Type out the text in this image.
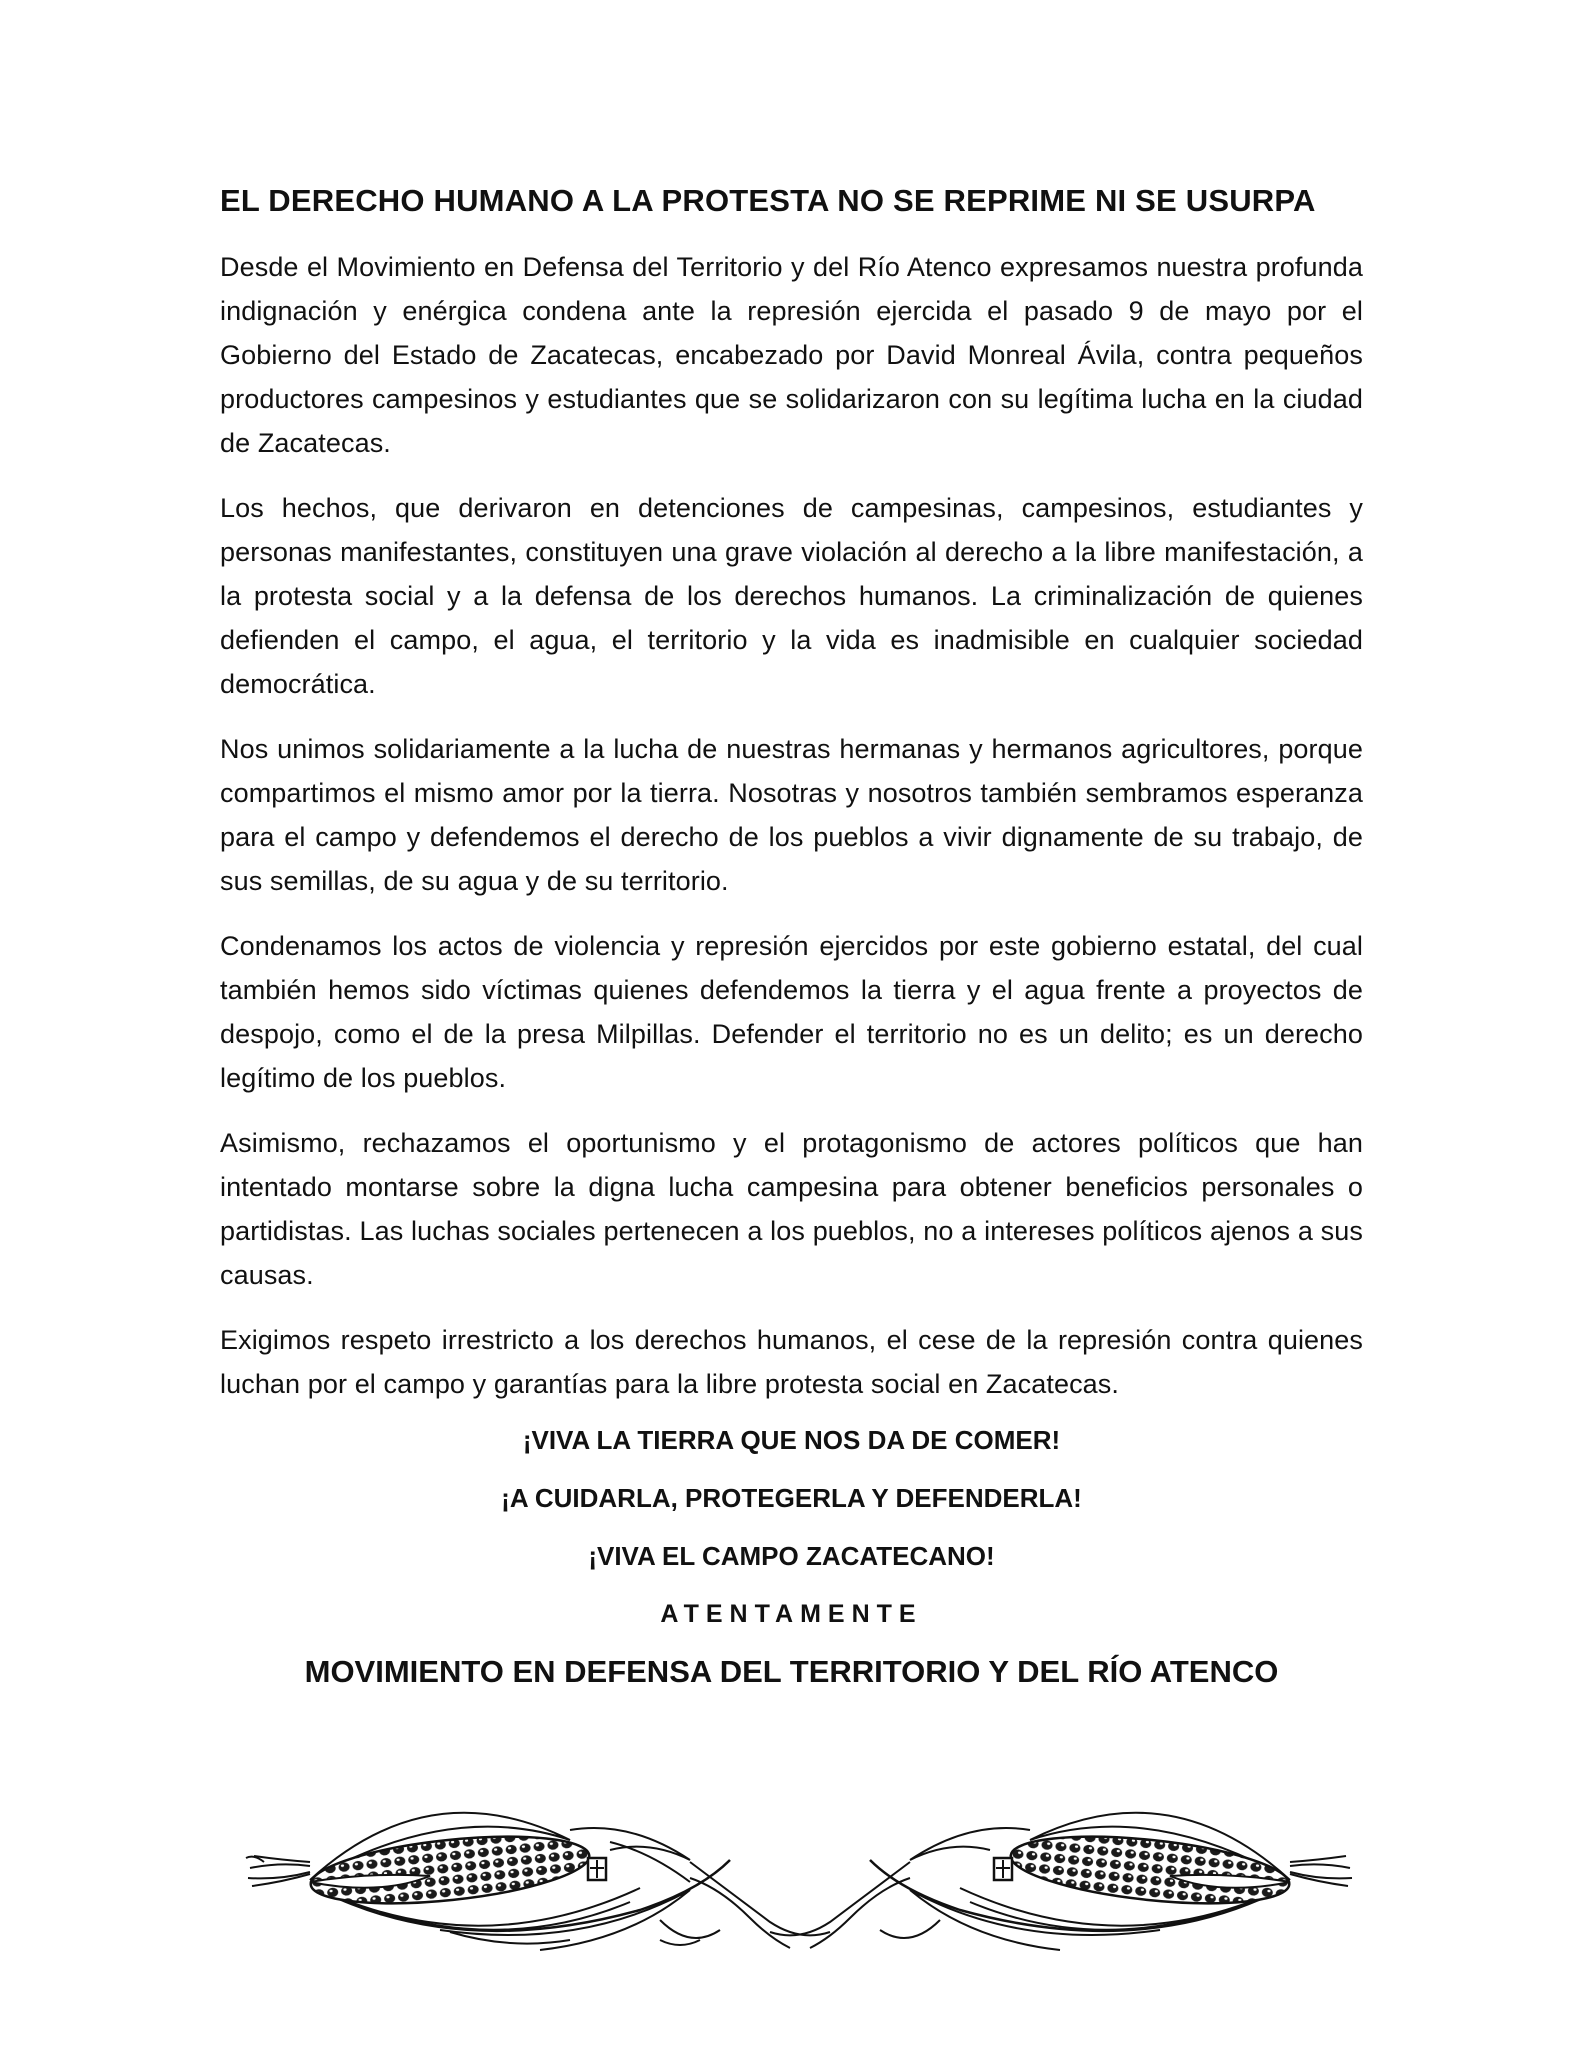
EL DERECHO HUMANO A LA PROTESTA NO SE REPRIME NI SE USURPA

Desde el Movimiento en Defensa del Territorio y del Río Atenco expresamos nuestra profunda indignación y enérgica condena ante la represión ejercida el pasado 9 de mayo por el Gobierno del Estado de Zacatecas, encabezado por David Monreal Ávila, contra pequeños productores campesinos y estudiantes que se solidarizaron con su legítima lucha en la ciudad de Zacatecas.

Los hechos, que derivaron en detenciones de campesinas, campesinos, estudiantes y personas manifestantes, constituyen una grave violación al derecho a la libre manifestación, a la protesta social y a la defensa de los derechos humanos. La criminalización de quienes defienden el campo, el agua, el territorio y la vida es inadmisible en cualquier sociedad democrática.

Nos unimos solidariamente a la lucha de nuestras hermanas y hermanos agricultores, porque compartimos el mismo amor por la tierra. Nosotras y nosotros también sembramos esperanza para el campo y defendemos el derecho de los pueblos a vivir dignamente de su trabajo, de sus semillas, de su agua y de su territorio.

Condenamos los actos de violencia y represión ejercidos por este gobierno estatal, del cual también hemos sido víctimas quienes defendemos la tierra y el agua frente a proyectos de despojo, como el de la presa Milpillas. Defender el territorio no es un delito; es un derecho legítimo de los pueblos.

Asimismo, rechazamos el oportunismo y el protagonismo de actores políticos que han intentado montarse sobre la digna lucha campesina para obtener beneficios personales o partidistas. Las luchas sociales pertenecen a los pueblos, no a intereses políticos ajenos a sus causas.

Exigimos respeto irrestricto a los derechos humanos, el cese de la represión contra quienes luchan por el campo y garantías para la libre protesta social en Zacatecas.

¡VIVA LA TIERRA QUE NOS DA DE COMER!
¡A CUIDARLA, PROTEGERLA Y DEFENDERLA!
¡VIVA EL CAMPO ZACATECANO!
ATENTAMENTE
MOVIMIENTO EN DEFENSA DEL TERRITORIO Y DEL RÍO ATENCO
